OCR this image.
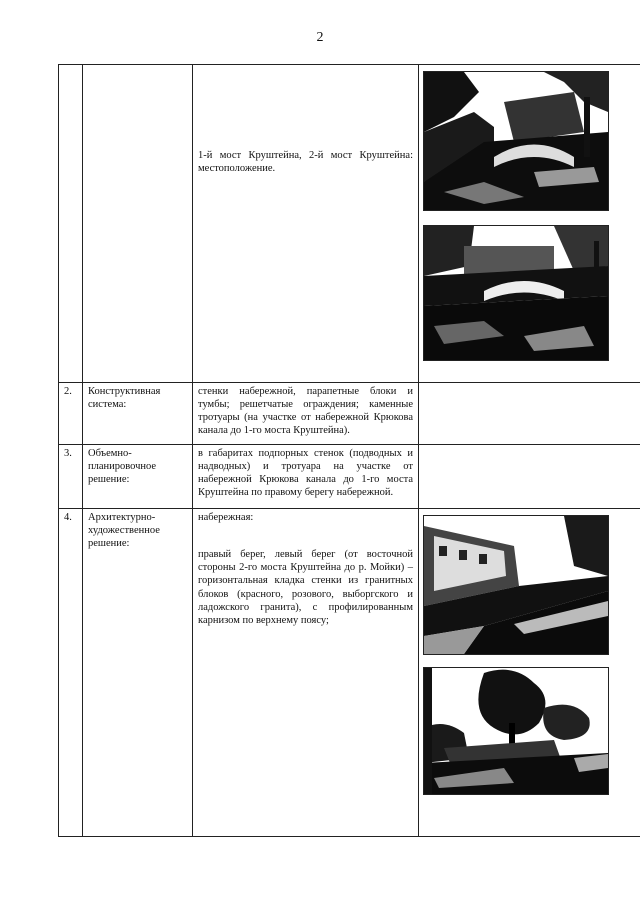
2

		1-й мост Круштейна, 2-й мост Круштейна: местоположение.

2.	Конструктивная система:	стенки набережной, парапетные блоки и тумбы; решетчатые ограждения; каменные тротуары (на участке от набережной Крюкова канала до 1-го моста Круштейна).	

3.	Объемно-планировочное решение:	в габаритах подпорных стенок (подводных и надводных) и тротуара на участке от набережной Крюкова канала до 1-го моста Круштейна по правому берегу набережной.	

4.	Архитектурно-художественное решение:	набережная:

правый берег, левый берег (от восточной стороны 2-го моста Круштейна до р. Мойки) – горизонтальная кладка стенки из гранитных блоков (красного, розового, выборгского и ладожского гранита), с профилированным карнизом по верхнему поясу;
